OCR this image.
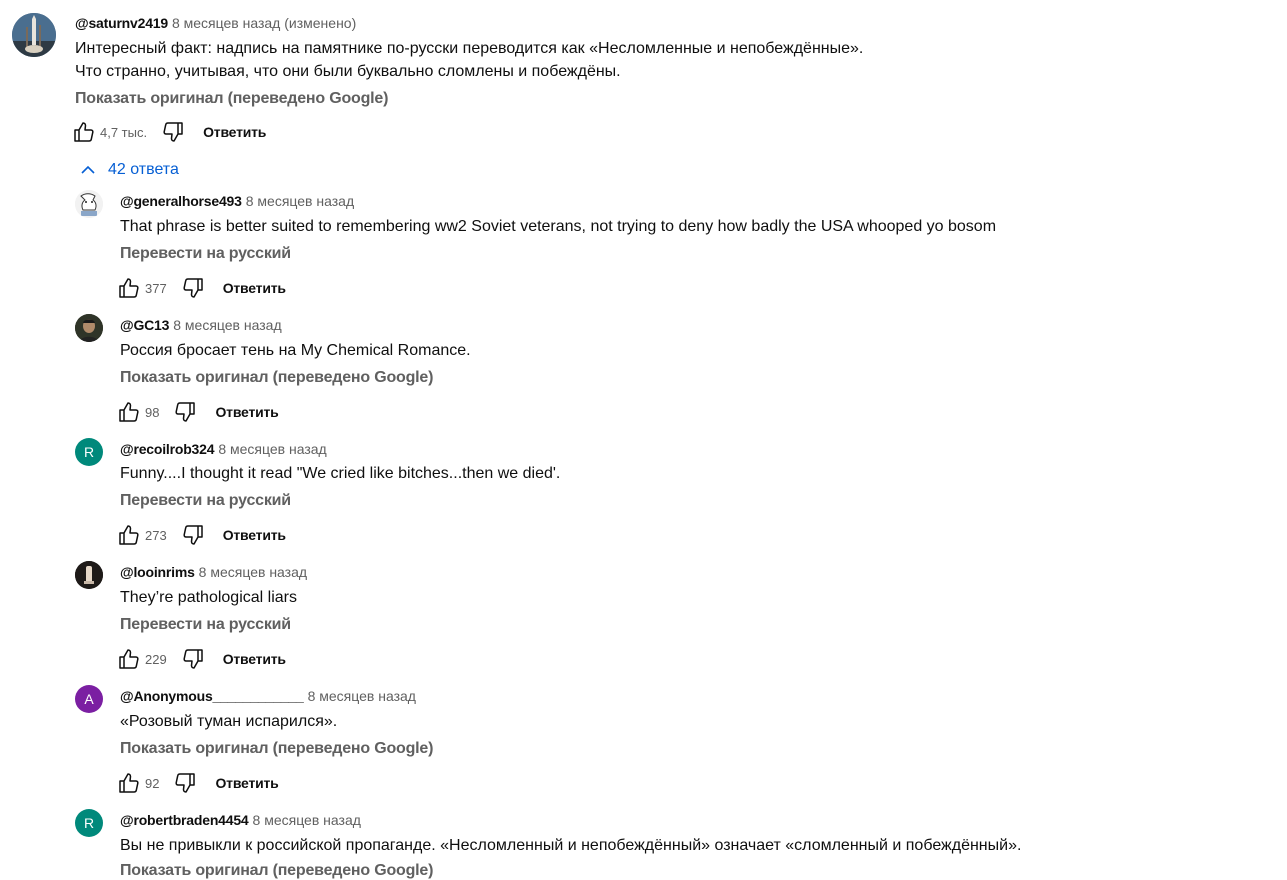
@saturnv2419 8 месяцев назад (изменено)
Интересный факт: надпись на памятнике по-русски переводится как «Несломленные и непобеждённые».
Что странно, учитывая, что они были буквально сломлены и побеждёны.
Показать оригинал (переведено Google)
4,7 тыс.	Ответить
42 ответа
@generalhorse493 8 месяцев назад
That phrase is better suited to remembering ww2 Soviet veterans, not trying to deny how badly the USA whooped yo bosom
Перевести на русский
377	Ответить
@GC13 8 месяцев назад
Россия бросает тень на My Chemical Romance.
Показать оригинал (переведено Google)
98	Ответить
R @recoilrob324 8 месяцев назад
Funny....I thought it read "We cried like bitches...then we died'.
Перевести на русский
273	Ответить
@looinrims 8 месяцев назад
They’re pathological liars
Перевести на русский
229	Ответить
A @Anonymous____________ 8 месяцев назад
«Розовый туман испарился».
Показать оригинал (переведено Google)
92	Ответить
R @robertbraden4454 8 месяцев назад
Вы не привыкли к российской пропаганде. «Несломленный и непобеждённый» означает «сломленный и побеждённый».
Показать оригинал (переведено Google)
